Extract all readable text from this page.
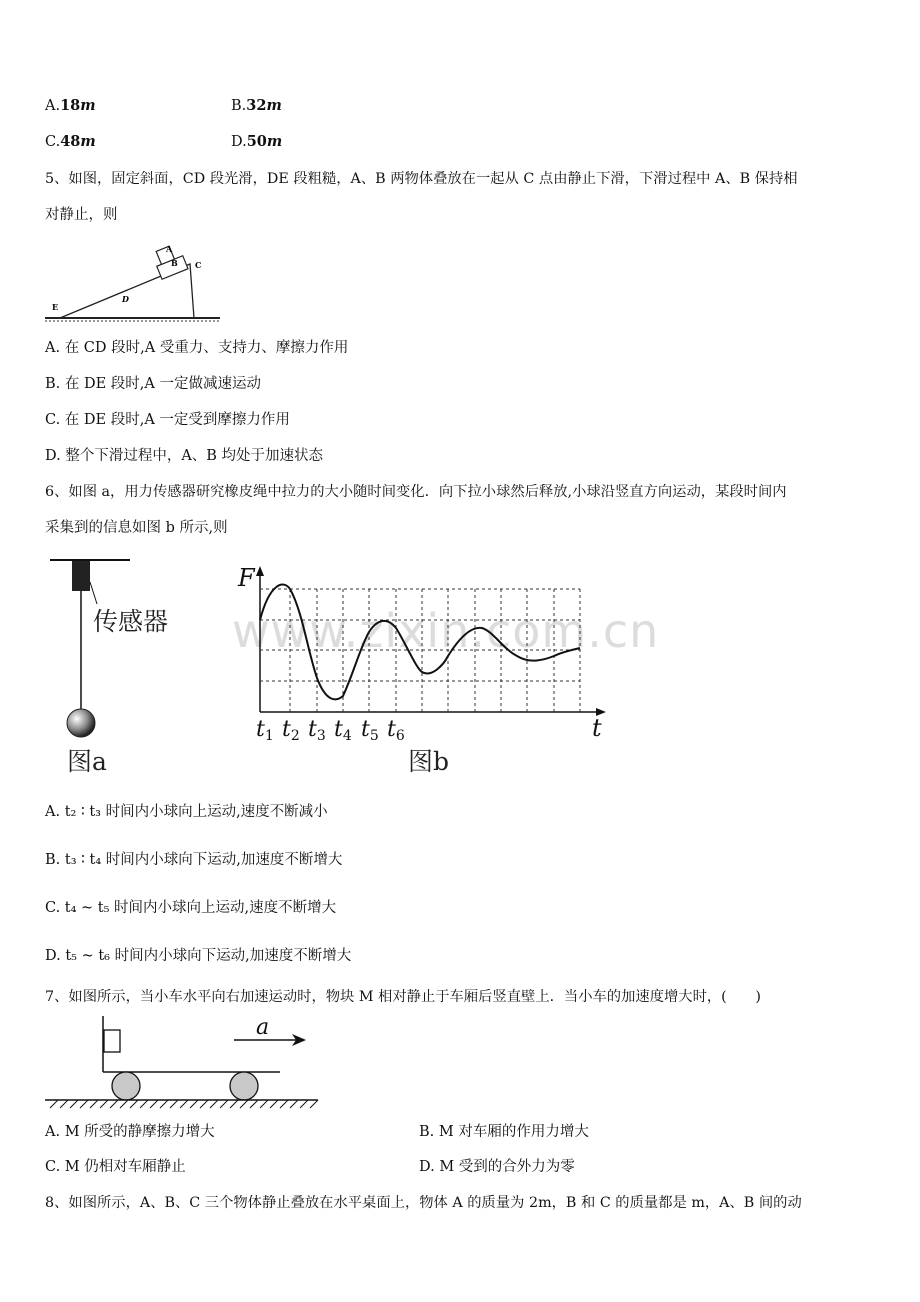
A.18m	B.32m
C.48m	D.50m
5、如图，固定斜面，CD 段光滑，DE 段粗糙，A、B 两物体叠放在一起从 C 点由静止下滑，下滑过程中 A、B 保持相
对静止，则
A
B C
D
E
A. 在 CD 段时,A 受重力、支持力、摩擦力作用
B. 在 DE 段时,A 一定做减速运动
C. 在 DE 段时,A 一定受到摩擦力作用
D. 整个下滑过程中，A、B 均处于加速状态
6、如图 a，用力传感器研究橡皮绳中拉力的大小随时间变化．向下拉小球然后释放,小球沿竖直方向运动，某段时间内
采集到的信息如图 b 所示,则
www.zixin.com.cn
传感器
图a
F
t
t1 t2 t3 t4 t5 t6
图b
A. t₂ ∶ t₃ 时间内小球向上运动,速度不断减小
B. t₃ ∶ t₄ 时间内小球向下运动,加速度不断增大
C. t₄ ~ t₅ 时间内小球向上运动,速度不断增大
D. t₅ ~ t₆ 时间内小球向下运动,加速度不断增大
7、如图所示，当小车水平向右加速运动时，物块 M 相对静止于车厢后竖直壁上．当小车的加速度增大时，(　　)
a
A. M 所受的静摩擦力增大	B. M 对车厢的作用力增大
C. M 仍相对车厢静止	D. M 受到的合外力为零
8、如图所示，A、B、C 三个物体静止叠放在水平桌面上，物体 A 的质量为 2m，B 和 C 的质量都是 m，A、B 间的动
